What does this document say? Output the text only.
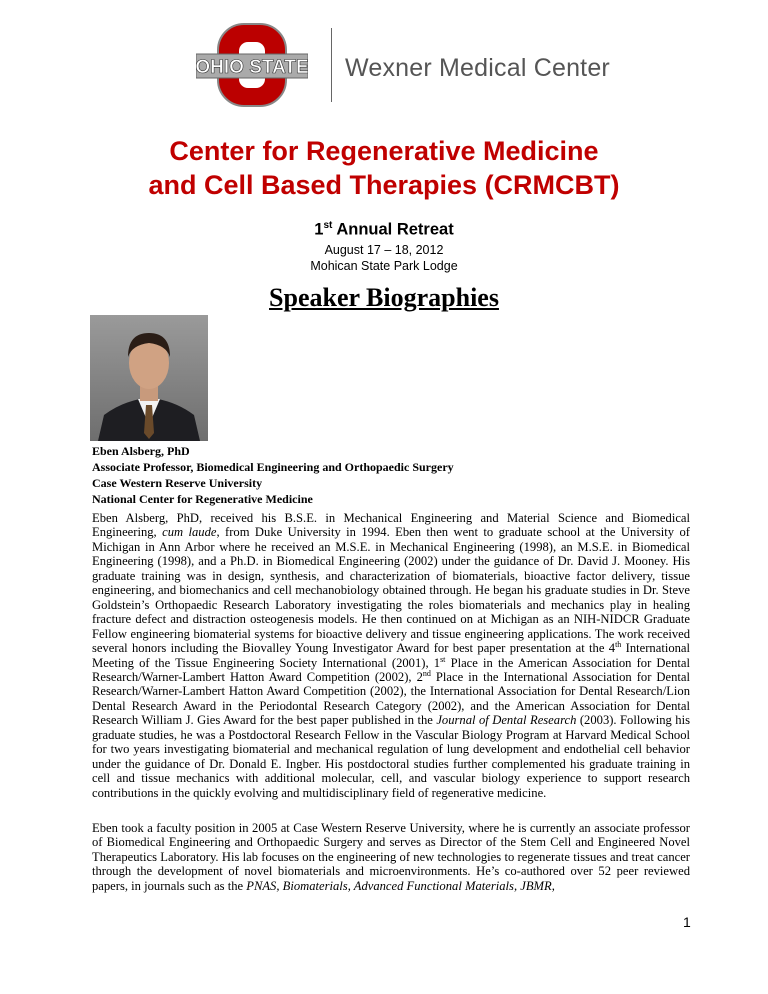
OHIO STATE Wexner Medical Center
Center for Regenerative Medicine
and Cell Based Therapies (CRMCBT)
1st Annual Retreat
August 17 – 18, 2012
Mohican State Park Lodge
Speaker Biographies
Eben Alsberg, PhD
Associate Professor, Biomedical Engineering and Orthopaedic Surgery
Case Western Reserve University
National Center for Regenerative Medicine
Eben Alsberg, PhD, received his B.S.E. in Mechanical Engineering and Material Science and Biomedical Engineering, cum laude, from Duke University in 1994. Eben then went to graduate school at the University of Michigan in Ann Arbor where he received an M.S.E. in Mechanical Engineering (1998), an M.S.E. in Biomedical Engineering (1998), and a Ph.D. in Biomedical Engineering (2002) under the guidance of Dr. David J. Mooney. His graduate training was in design, synthesis, and characterization of biomaterials, bioactive factor delivery, tissue engineering, and biomechanics and cell mechanobiology obtained through. He began his graduate studies in Dr. Steve Goldstein’s Orthopaedic Research Laboratory investigating the roles biomaterials and mechanics play in healing fracture defect and distraction osteogenesis models. He then continued on at Michigan as an NIH-NIDCR Graduate Fellow engineering biomaterial systems for bioactive delivery and tissue engineering applications. The work received several honors including the Biovalley Young Investigator Award for best paper presentation at the 4th International Meeting of the Tissue Engineering Society International (2001), 1st Place in the American Association for Dental Research/Warner-Lambert Hatton Award Competition (2002), 2nd Place in the International Association for Dental Research/Warner-Lambert Hatton Award Competition (2002), the International Association for Dental Research/Lion Dental Research Award in the Periodontal Research Category (2002), and the American Association for Dental Research William J. Gies Award for the best paper published in the Journal of Dental Research (2003). Following his graduate studies, he was a Postdoctoral Research Fellow in the Vascular Biology Program at Harvard Medical School for two years investigating biomaterial and mechanical regulation of lung development and endothelial cell behavior under the guidance of Dr. Donald E. Ingber. His postdoctoral studies further complemented his graduate training in cell and tissue mechanics with additional molecular, cell, and vascular biology experience to support research contributions in the quickly evolving and multidisciplinary field of regenerative medicine.
Eben took a faculty position in 2005 at Case Western Reserve University, where he is currently an associate professor of Biomedical Engineering and Orthopaedic Surgery and serves as Director of the Stem Cell and Engineered Novel Therapeutics Laboratory. His lab focuses on the engineering of new technologies to regenerate tissues and treat cancer through the development of novel biomaterials and microenvironments. He’s co-authored over 52 peer reviewed papers, in journals such as the PNAS, Biomaterials, Advanced Functional Materials, JBMR,
1
